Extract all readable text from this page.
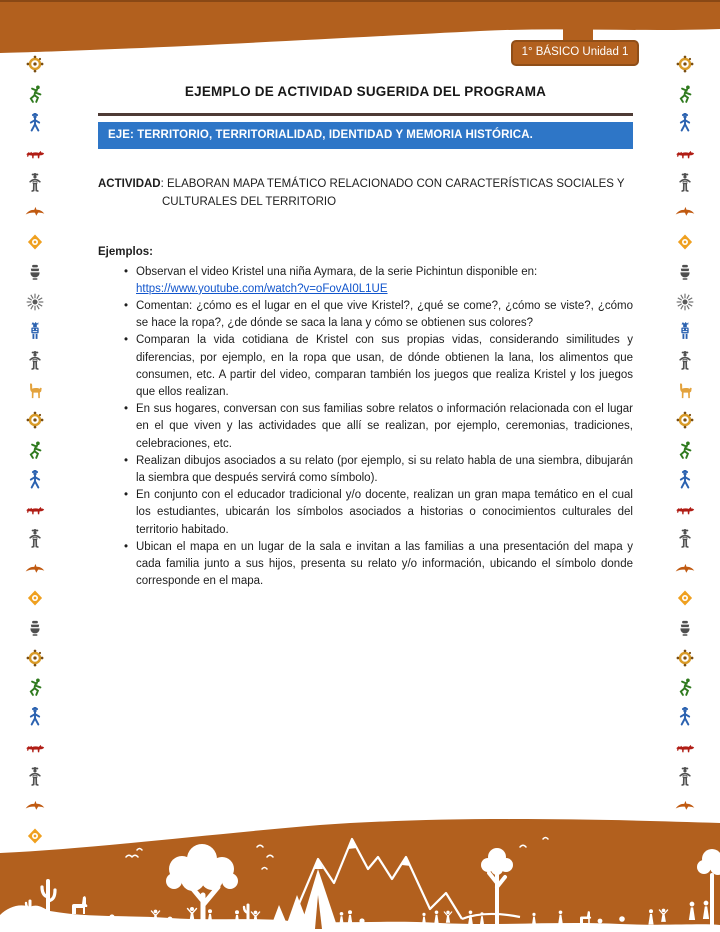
1° BÁSICO Unidad 1
EJEMPLO DE ACTIVIDAD SUGERIDA DEL PROGRAMA
EJE: TERRITORIO, TERRITORIALIDAD, IDENTIDAD Y MEMORIA HISTÓRICA.

ACTIVIDAD: ELABORAN MAPA TEMÁTICO RELACIONADO CON CARACTERÍSTICAS SOCIALES Y
CULTURALES DEL TERRITORIO

Ejemplos:

• Observan el video Kristel una niña Aymara, de la serie Pichintun disponible en:
https://www.youtube.com/watch?v=oFovAI0L1UE
• Comentan: ¿cómo es el lugar en el que vive Kristel?, ¿qué se come?, ¿cómo se viste?, ¿cómo se hace la ropa?, ¿de dónde se saca la lana y cómo se obtienen sus colores?
• Comparan la vida cotidiana de Kristel con sus propias vidas, considerando similitudes y diferencias, por ejemplo, en la ropa que usan, de dónde obtienen la lana, los alimentos que consumen, etc. A partir del video, comparan también los juegos que realiza Kristel y los juegos que ellos realizan.
• En sus hogares, conversan con sus familias sobre relatos o información relacionada con el lugar en el que viven y las actividades que allí se realizan, por ejemplo, ceremonias, tradiciones, celebraciones, etc.
• Realizan dibujos asociados a su relato (por ejemplo, si su relato habla de una siembra, dibujarán la siembra que después servirá como símbolo).
• En conjunto con el educador tradicional y/o docente, realizan un gran mapa temático en el cual los estudiantes, ubicarán los símbolos asociados a historias o conocimientos culturales del territorio habitado.
• Ubican el mapa en un lugar de la sala e invitan a las familias a una presentación del mapa y cada familia junto a sus hijos, presenta su relato y/o información, ubicando el símbolo donde corresponde en el mapa.
